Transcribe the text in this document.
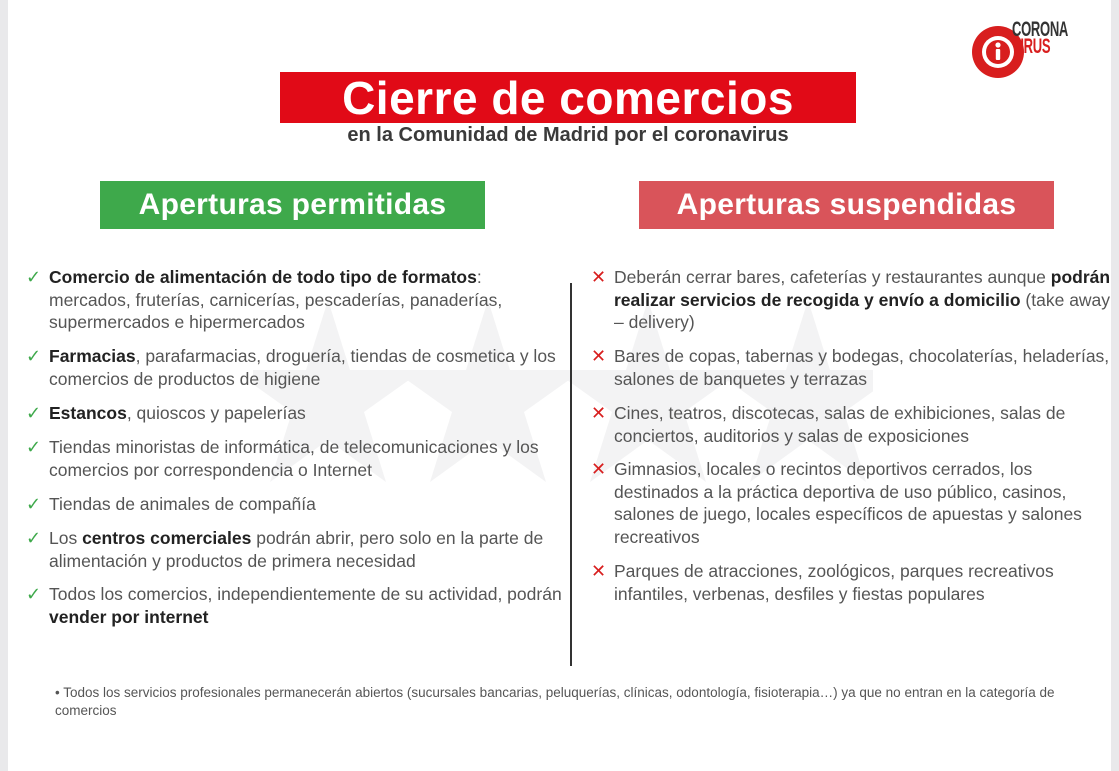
CORONA
VIRUS
Cierre de comercios
en la Comunidad de Madrid por el coronavirus
Aperturas permitidas	Aperturas suspendidas
✓ Comercio de alimentación de todo tipo de formatos: mercados, fruterías, carnicerías, pescaderías, panaderías, supermercados e hipermercados
✓ Farmacias, parafarmacias, droguería, tiendas de cosmetica y los comercios de productos de higiene
✓ Estancos, quioscos y papelerías
✓ Tiendas minoristas de informática, de telecomunicaciones y los comercios por correspondencia o Internet
✓ Tiendas de animales de compañía
✓ Los centros comerciales podrán abrir, pero solo en la parte de alimentación y productos de primera necesidad
✓ Todos los comercios, independientemente de su actividad, podrán vender por internet
✕ Deberán cerrar bares, cafeterías y restaurantes aunque podrán realizar servicios de recogida y envío a domicilio (take away – delivery)
✕ Bares de copas, tabernas y bodegas, chocolaterías, heladerías, salones de banquetes y terrazas
✕ Cines, teatros, discotecas, salas de exhibiciones, salas de conciertos, auditorios y salas de exposiciones
✕ Gimnasios, locales o recintos deportivos cerrados, los destinados a la práctica deportiva de uso público, casinos, salones de juego, locales específicos de apuestas y salones recreativos
✕ Parques de atracciones, zoológicos, parques recreativos infantiles, verbenas, desfiles y fiestas populares
• Todos los servicios profesionales permanecerán abiertos (sucursales bancarias, peluquerías, clínicas, odontología, fisioterapia…) ya que no entran en la categoría de comercios
